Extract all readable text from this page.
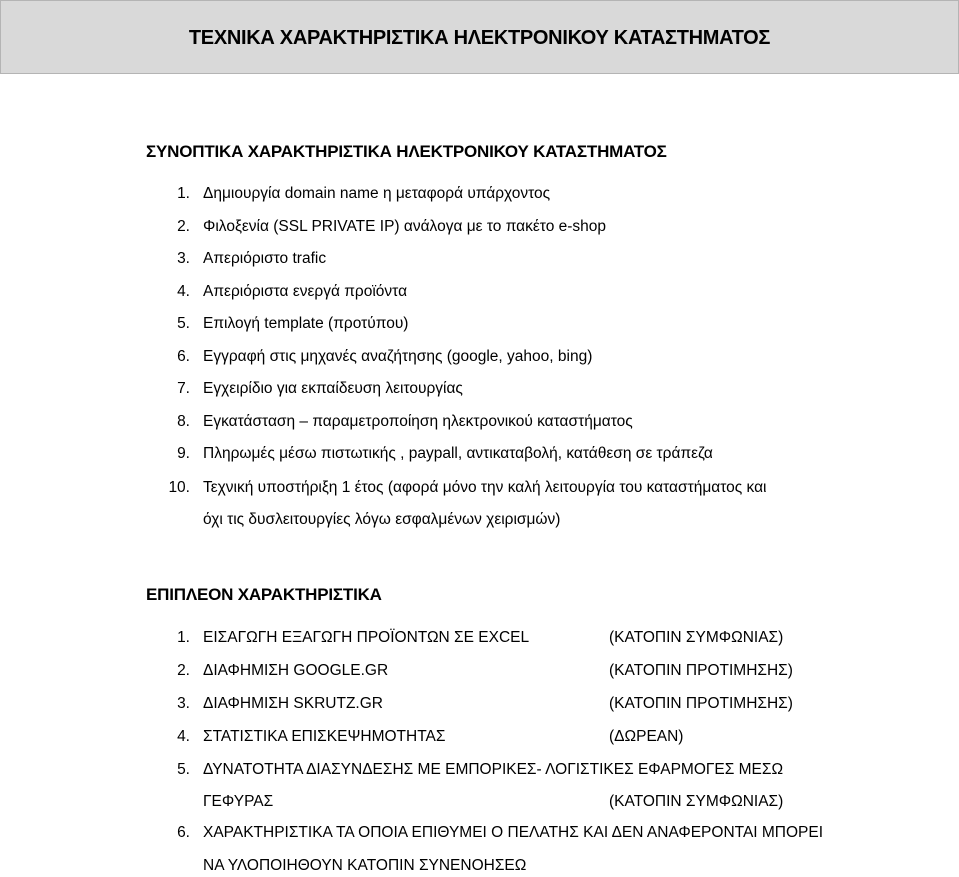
ΤΕΧΝΙΚΑ ΧΑΡΑΚΤΗΡΙΣΤΙΚΑ ΗΛΕΚΤΡΟΝΙΚΟΥ ΚΑΤΑΣΤΗΜΑΤΟΣ
ΣΥΝΟΠΤΙΚΑ ΧΑΡΑΚΤΗΡΙΣΤΙΚΑ ΗΛΕΚΤΡΟΝΙΚΟΥ ΚΑΤΑΣΤΗΜΑΤΟΣ
1. Δημιουργία domain name η μεταφορά υπάρχοντος
2. Φιλοξενία (SSL PRIVATE IP) ανάλογα με το πακέτο e-shop
3. Απεριόριστο trafic
4. Απεριόριστα ενεργά προϊόντα
5. Επιλογή template (προτύπου)
6. Εγγραφή στις μηχανές αναζήτησης (google, yahoo, bing)
7. Εγχειρίδιο για εκπαίδευση λειτουργίας
8. Εγκατάσταση – παραμετροποίηση ηλεκτρονικού καταστήματος
9. Πληρωμές μέσω πιστωτικής , paypall, αντικαταβολή, κατάθεση σε τράπεζα
10. Τεχνική υποστήριξη 1 έτος (αφορά μόνο την καλή λειτουργία του καταστήματος και
όχι τις δυσλειτουργίες λόγω εσφαλμένων χειρισμών)
ΕΠΙΠΛΕΟΝ ΧΑΡΑΚΤΗΡΙΣΤΙΚΑ
1. ΕΙΣΑΓΩΓΗ ΕΞΑΓΩΓΗ ΠΡΟΪΟΝΤΩΝ ΣΕ EXCEL	(ΚΑΤΟΠΙΝ ΣΥΜΦΩΝΙΑΣ)
2. ΔΙΑΦΗΜΙΣΗ GOOGLE.GR	(ΚΑΤΟΠΙΝ ΠΡΟΤΙΜΗΣΗΣ)
3. ΔΙΑΦΗΜΙΣΗ SKRUTZ.GR	(ΚΑΤΟΠΙΝ ΠΡΟΤΙΜΗΣΗΣ)
4. ΣΤΑΤΙΣΤΙΚΑ ΕΠΙΣΚΕΨΗΜΟΤΗΤΑΣ	(ΔΩΡΕΑΝ)
5. ΔΥΝΑΤΟΤΗΤΑ ΔΙΑΣΥΝΔΕΣΗΣ ΜΕ ΕΜΠΟΡΙΚΕΣ- ΛΟΓΙΣΤΙΚΕΣ ΕΦΑΡΜΟΓΕΣ ΜΕΣΩ
ΓΕΦΥΡΑΣ	(ΚΑΤΟΠΙΝ ΣΥΜΦΩΝΙΑΣ)
6. ΧΑΡΑΚΤΗΡΙΣΤΙΚΑ ΤΑ ΟΠΟΙΑ ΕΠΙΘΥΜΕΙ Ο ΠΕΛΑΤΗΣ ΚΑΙ ΔΕΝ ΑΝΑΦΕΡΟΝΤΑΙ ΜΠΟΡΕΙ
ΝΑ ΥΛΟΠΟΙΗΘΟΥΝ ΚΑΤΟΠΙΝ ΣΥΝΕΝΟΗΣΕΩ
